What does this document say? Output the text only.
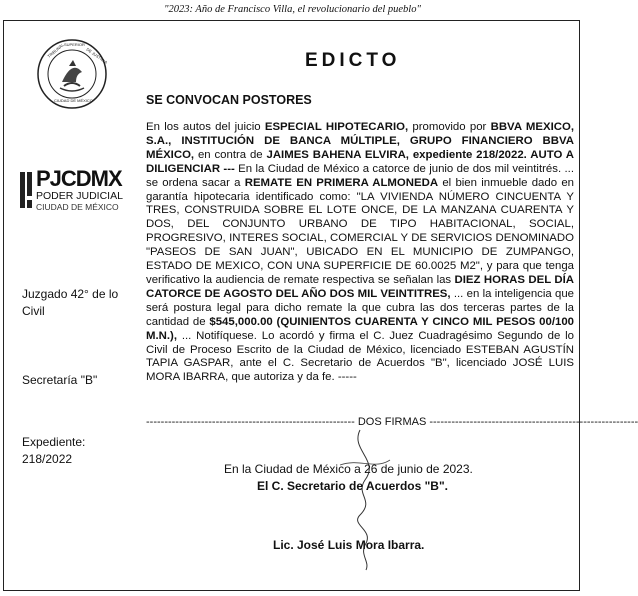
"2023: Año de Francisco Villa, el revolucionario del pueblo"
TRIBUNAL SUPERIOR
DE JUSTICIA
CIUDAD DE MÉXICO
EDICTO
SE CONVOCAN POSTORES
PJCDMX
PODER JUDICIAL
CIUDAD DE MÉXICO
Juzgado 42° de lo Civil
Secretaría "B"
Expediente:
218/2022
En los autos del juicio ESPECIAL HIPOTECARIO, promovido por BBVA MEXICO, S.A., INSTITUCIÓN DE BANCA MÚLTIPLE, GRUPO FINANCIERO BBVA MÉXICO, en contra de JAIMES BAHENA ELVIRA, expediente 218/2022. AUTO A DILIGENCIAR --- En la Ciudad de México a catorce de junio de dos mil veintitrés. ... se ordena sacar a REMATE EN PRIMERA ALMONEDA el bien inmueble dado en garantía hipotecaria identificado como: "LA VIVIENDA NÚMERO CINCUENTA Y TRES, CONSTRUIDA SOBRE EL LOTE ONCE, DE LA MANZANA CUARENTA Y DOS, DEL CONJUNTO URBANO DE TIPO HABITACIONAL, SOCIAL, PROGRESIVO, INTERES SOCIAL, COMERCIAL Y DE SERVICIOS DENOMINADO "PASEOS DE SAN JUAN", UBICADO EN EL MUNICIPIO DE ZUMPANGO, ESTADO DE MEXICO, CON UNA SUPERFICIE DE 60.0025 M2", y para que tenga verificativo la audiencia de remate respectiva se señalan las DIEZ HORAS DEL DÍA CATORCE DE AGOSTO DEL AÑO DOS MIL VEINTITRES, ... en la inteligencia que será postura legal para dicho remate la que cubra las dos terceras partes de la cantidad de $545,000.00 (QUINIENTOS CUARENTA Y CINCO MIL PESOS 00/100 M.N.), ... Notifíquese. Lo acordó y firma el C. Juez Cuadragésimo Segundo de lo Civil de Proceso Escrito de la Ciudad de México, licenciado ESTEBAN AGUSTÍN TAPIA GASPAR, ante el C. Secretario de Acuerdos "B", licenciado JOSÉ LUIS MORA IBARRA, que autoriza y da fe. -----
--------------------------------------------------------- DOS FIRMAS ---------------------------------------------------------
En la Ciudad de México a 26 de junio de 2023.
El C. Secretario de Acuerdos "B".
Lic. José Luis Mora Ibarra.
